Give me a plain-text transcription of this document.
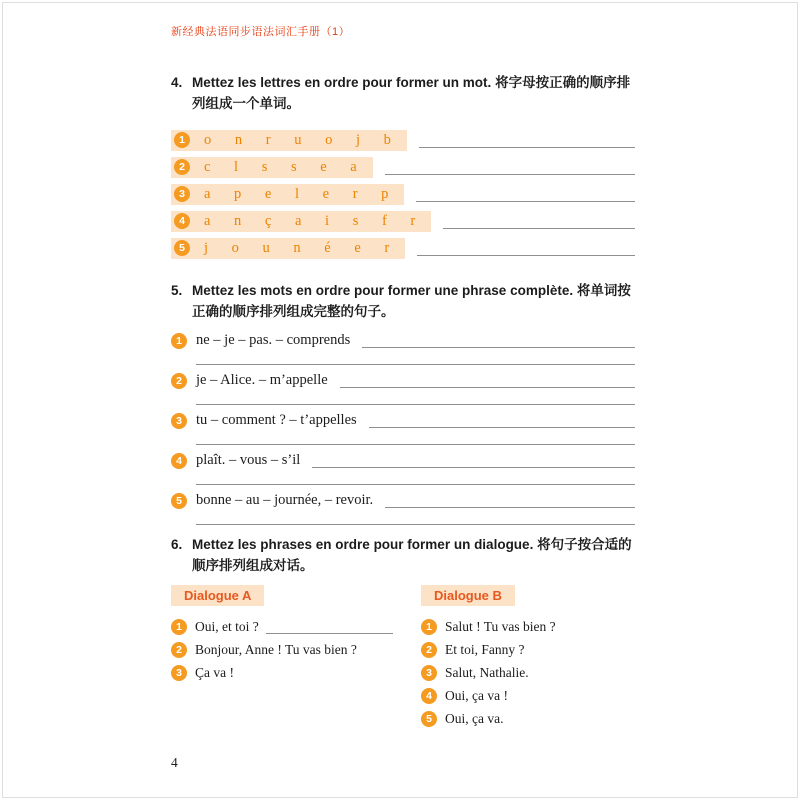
新经典法语同步语法词汇手册（1）
4. Mettez les lettres en ordre pour former un mot. 将字母按正确的顺序排列组成一个单词。
1	o n r u o j b
2	c l s s e a
3	a p e l e r p
4	a n ç a i s f r
5	j o u n é e r
5. Mettez les mots en ordre pour former une phrase complète. 将单词按正确的顺序排列组成完整的句子。
1 ne – je – pas. – comprends
2 je – Alice. – m’appelle
3 tu – comment ? – t’appelles
4 plaît. – vous – s’il
5 bonne – au – journée, – revoir.
6. Mettez les phrases en ordre pour former un dialogue. 将句子按合适的顺序排列组成对话。
Dialogue A
1 Oui, et toi ?
2 Bonjour, Anne ! Tu vas bien ?
3 Ça va !
Dialogue B
1 Salut ! Tu vas bien ?
2 Et toi, Fanny ?
3 Salut, Nathalie.
4 Oui, ça va !
5 Oui, ça va.
4
